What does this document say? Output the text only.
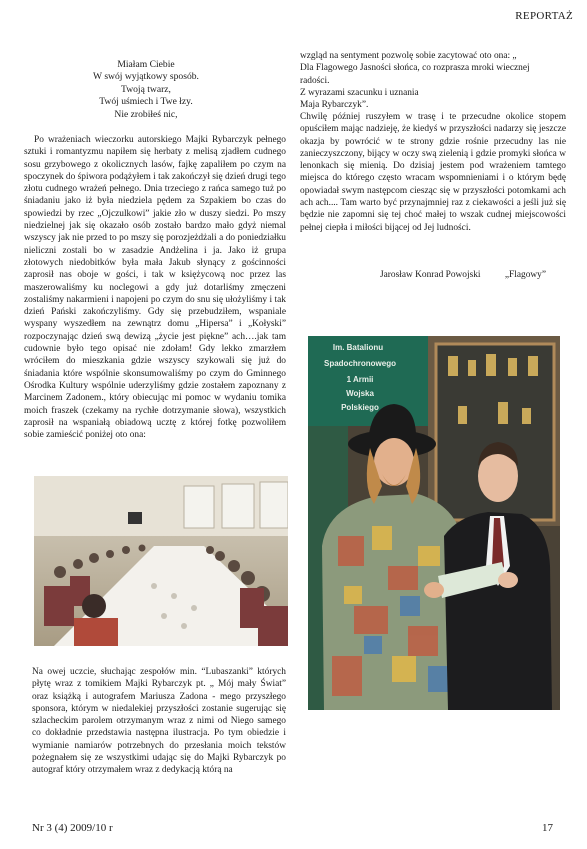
REPORTAŻ
Miałam Ciebie
W swój wyjątkowy sposób.
Twoją twarz,
Twój uśmiech i Twe łzy.
Nie zrobiłeś nic,

Po wrażeniach wieczorku autorskiego Majki Rybarczyk pełnego sztuki i romantyzmu napiłem się herbaty z melisą zjadłem cudnego sosu grzybowego z okolicznych lasów, fajkę zapaliłem po czym na spoczynek do śpiwora podążyłem i tak zakończył się dzień drugi tego złotu cudnego wrażeń pełnego. Dnia trzeciego z rańca samego tuż po śniadaniu jako iż była niedziela pędem za Szpakiem bo czas do spowiedzi by rzec „Ojczulkowi” jakie zło w duszy siedzi. Po mszy niedzielnej jak się okazało osób zostało bardzo mało gdyż niemal wszyscy jak nie przed to po mszy się porozjeżdżali a do poniedziałku nieliczni zostali bo w zasadzie Andżelina i ja. Jako iż grupa złotowych niedobitków była mała Jakub słynący z gościnności zaprosił nas oboje w gości, i tak w księżycową noc przez las maszerowaliśmy ku noclegowi a gdy już dotarliśmy zmęczeni zostaliśmy nakarmieni i napojeni po czym do snu się ułożyliśmy i tak dzień Pański zakończyliśmy. Gdy się przebudziłem, wspaniale wyspany wyszedłem na zewnątrz domu „Hipersa” i „Kołyski” rozpoczynając dzień swą dewizą „życie jest piękne” ach….jak tam cudownie było tego opisać nie zdołam! Gdy lekko zmarzłem wróciłem do mieszkania gdzie wszyscy szykowali się już do śniadania które wspólnie skonsumowaliśmy po czym do Gminnego Ośrodka Kultury wspólnie uderzyliśmy gdzie zostałem zapoznany z Marcinem Zadonem., który obiecując mi pomoc w wydaniu tomika moich fraszek (czekamy na rychłe dotrzymanie słowa), wszystkich zaprosił na wspaniałą obiadową ucztę z której fotkę pozwoliłem sobie zamieścić poniżej oto ona:

Na owej uczcie, słuchając zespołów min. “Lubaszanki” których płytę wraz z tomikiem Majki Rybarczyk pt. „ Mój mały Świat” oraz książką i autografem Mariusza Zadona - mego przyszłego sponsora, którym w niedalekiej przyszłości zostanie sugerując się szlacheckim parolem otrzymanym wraz z nimi od Niego samego co dokładnie przedstawia następna ilustracja. Po tym obiedzie i wymianie namiarów potrzebnych do przesłania moich tekstów pożegnałem się ze wszystkimi udając się do Majki Rybarczyk po autograf który otrzymałem wraz z dedykacją którą na

wzgląd na sentyment pozwolę sobie zacytować oto ona: „
Dla Flagowego Jasności słońca, co rozprasza mroki wiecznej
radości.
Z wyrazami szacunku i uznania
Maja Rybarczyk”.

Chwilę później ruszyłem w trasę i te przecudne okolice stopem opuściłem mając nadzieję, że kiedyś w przyszłości nadarzy się jeszcze okazja by powrócić w te strony gdzie rośnie przecudny las nie zanieczyszczony, bijący w oczy swą zielenią i gdzie promyki słońca w lenonkach się mienią. Do dzisiaj jestem pod wrażeniem tamtego miejsca do którego często wracam wspomnieniami i o którym będę opowiadał swym następcom ciesząc się w przyszłości potomkami ach ach ach.... Tam warto być przynajmniej raz z ciekawości a jeśli już się będzie nie zapomni się tej choć małej to wszak cudnej miejscowości pełnej ciepła i miłości bijącej od Jej ludności.

Jarosław Konrad Powojski	„Flagowy”
Im. Batalionu
Spadochronowego
1 Armii
Wojska
Polskiego
Nr 3 (4) 2009/10 r	17
